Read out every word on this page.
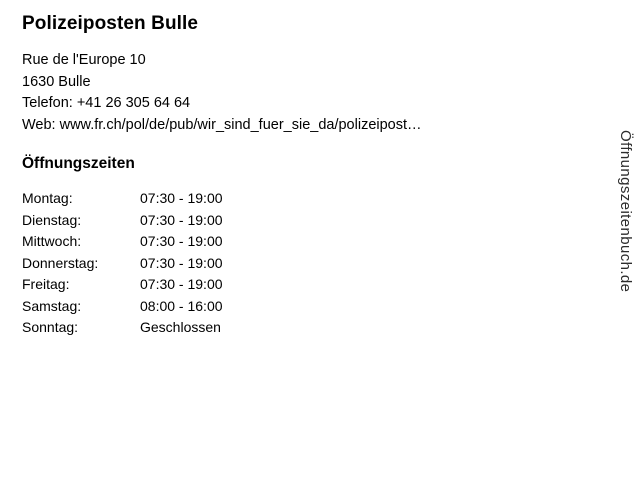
Polizeiposten Bulle
Rue de l'Europe 10
1630 Bulle
Telefon: +41 26 305 64 64
Web: www.fr.ch/pol/de/pub/wir_sind_fuer_sie_da/polizeipost…
Öffnungszeiten
Montag:	07:30 - 19:00
Dienstag:	07:30 - 19:00
Mittwoch:	07:30 - 19:00
Donnerstag:	07:30 - 19:00
Freitag:	07:30 - 19:00
Samstag:	08:00 - 16:00
Sonntag:	Geschlossen
Öffnungszeitenbuch.de
